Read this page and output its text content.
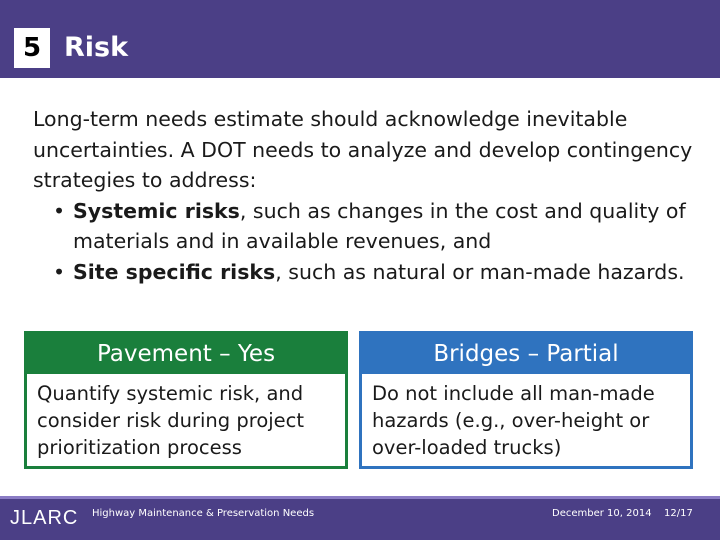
5 Risk

Long-term needs estimate should acknowledge inevitable uncertainties. A DOT needs to analyze and develop contingency strategies to address:

• Systemic risks, such as changes in the cost and quality of materials and in available revenues, and
• Site specific risks, such as natural or man-made hazards.
Pavement – Yes
Quantify systemic risk, and consider risk during project prioritization process
Bridges – Partial
Do not include all man-made hazards (e.g., over-height or over-loaded trucks)
JLARC Highway Maintenance & Preservation Needs	December 10, 2014 12/17
